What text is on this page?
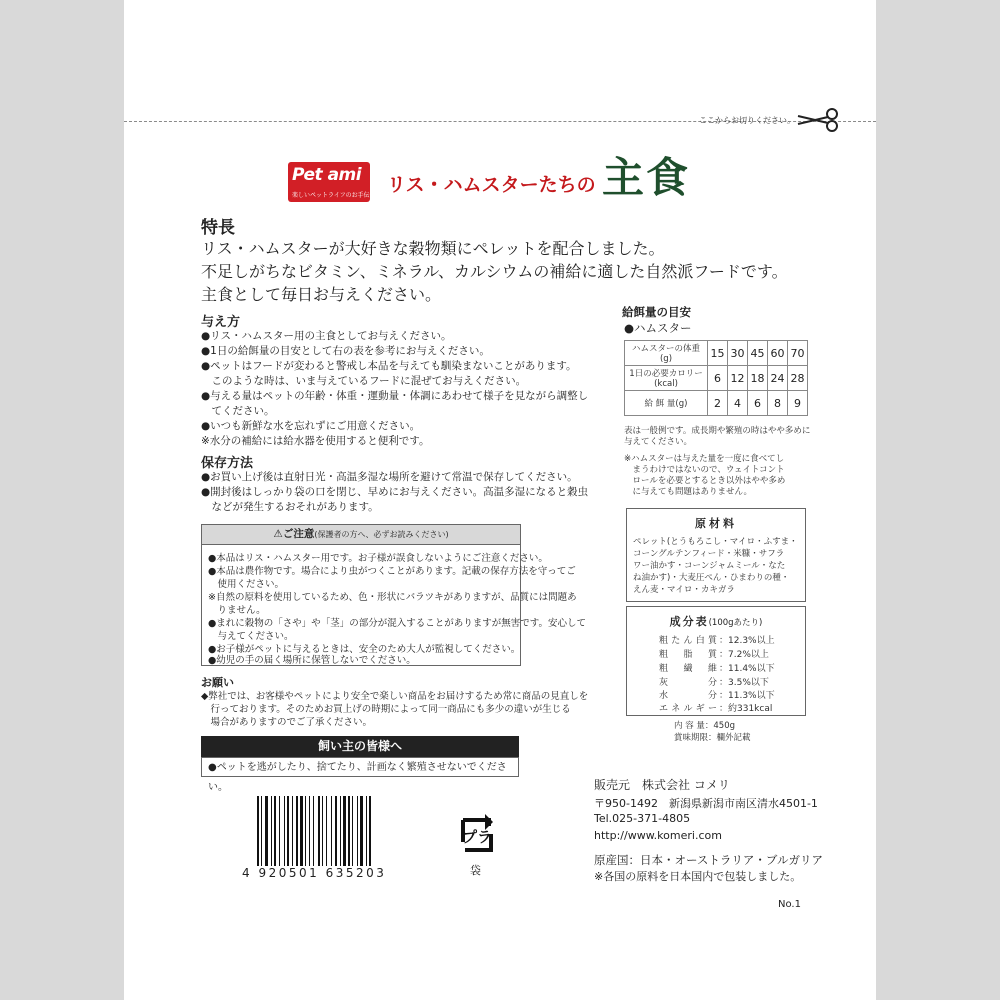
ここからお切りください。
Pet ami
楽しいペットライフのお手伝い リス・ハムスターたちの 主食
特長
リス・ハムスターが大好きな穀物類にペレットを配合しました。
不足しがちなビタミン、ミネラル、カルシウムの補給に適した自然派フードです。
主食として毎日お与えください。
与え方
●リス・ハムスター用の主食としてお与えください。
●1日の給餌量の目安として右の表を参考にお与えください。
●ペットはフードが変わると警戒し本品を与えても馴染まないことがあります。
　このような時は、いま与えているフードに混ぜてお与えください。
●与える量はペットの年齢・体重・運動量・体調にあわせて様子を見ながら調整し
　てください。
●いつも新鮮な水を忘れずにご用意ください。
※水分の補給には給水器を使用すると便利です。
保存方法
●お買い上げ後は直射日光・高温多湿な場所を避けて常温で保存してください。
●開封後はしっかり袋の口を閉じ、早めにお与えください。高温多湿になると穀虫
　などが発生するおそれがあります。
⚠ご注意(保護者の方へ、必ずお読みください)
●本品はリス・ハムスター用です。お子様が誤食しないようにご注意ください。
●本品は農作物です。場合により虫がつくことがあります。記載の保存方法を守ってご
　使用ください。
※自然の原料を使用しているため、色・形状にバラツキがありますが、品質には問題あ
　りません。
●まれに穀物の「さや」や「茎」の部分が混入することがありますが無害です。安心して
　与えてください。
●お子様がペットに与えるときは、安全のため大人が監視してください。
●幼児の手の届く場所に保管しないでください。
お願い
◆弊社では、お客様やペットにより安全で楽しい商品をお届けするため常に商品の見直しを
　行っております。そのためお買上げの時期によって同一商品にも多少の違いが生じる
　場合がありますのでご了承ください。
飼い主の皆様へ
●ペットを逃がしたり、捨てたり、計画なく繁殖させないでください。
4 920501 635203
プラ
袋
給餌量の目安
●ハムスター
ハムスターの体重(g)	15	30	45	60	70
1日の必要カロリー(kcal)	6	12	18	24	28
給 餌 量(g)	2	4	6	8	9
表は一般例です。成長期や繁殖の時はやや多めに
与えてください。
※ハムスターは与えた量を一度に食べてし
　まうわけではないので、ウェイトコント
　ロールを必要とするとき以外はやや多め
　に与えても問題はありません。
原材料
ペレット(とうもろこし・マイロ・ふすま・
コーングルテンフィード・米糠・サフラ
ワー油かす・コーンジャムミール・なた
ね油かす)・大麦圧ぺん・ひまわりの種・
えん麦・マイロ・カキガラ
成分表(100gあたり)
粗たん白質 ：12.3%以上
粗脂質 ：7.2%以上
粗繊維 ：11.4%以下
灰分 ：3.5%以下
水分 ：11.3%以下
エネルギー ：約331kcal
内 容 量：450g
賞味期限：欄外記載
販売元　株式会社 コメリ
〒950-1492　新潟県新潟市南区清水4501-1
Tel.025-371-4805
http://www.komeri.com
原産国：日本・オーストラリア・ブルガリア
※各国の原料を日本国内で包装しました。
No.1
